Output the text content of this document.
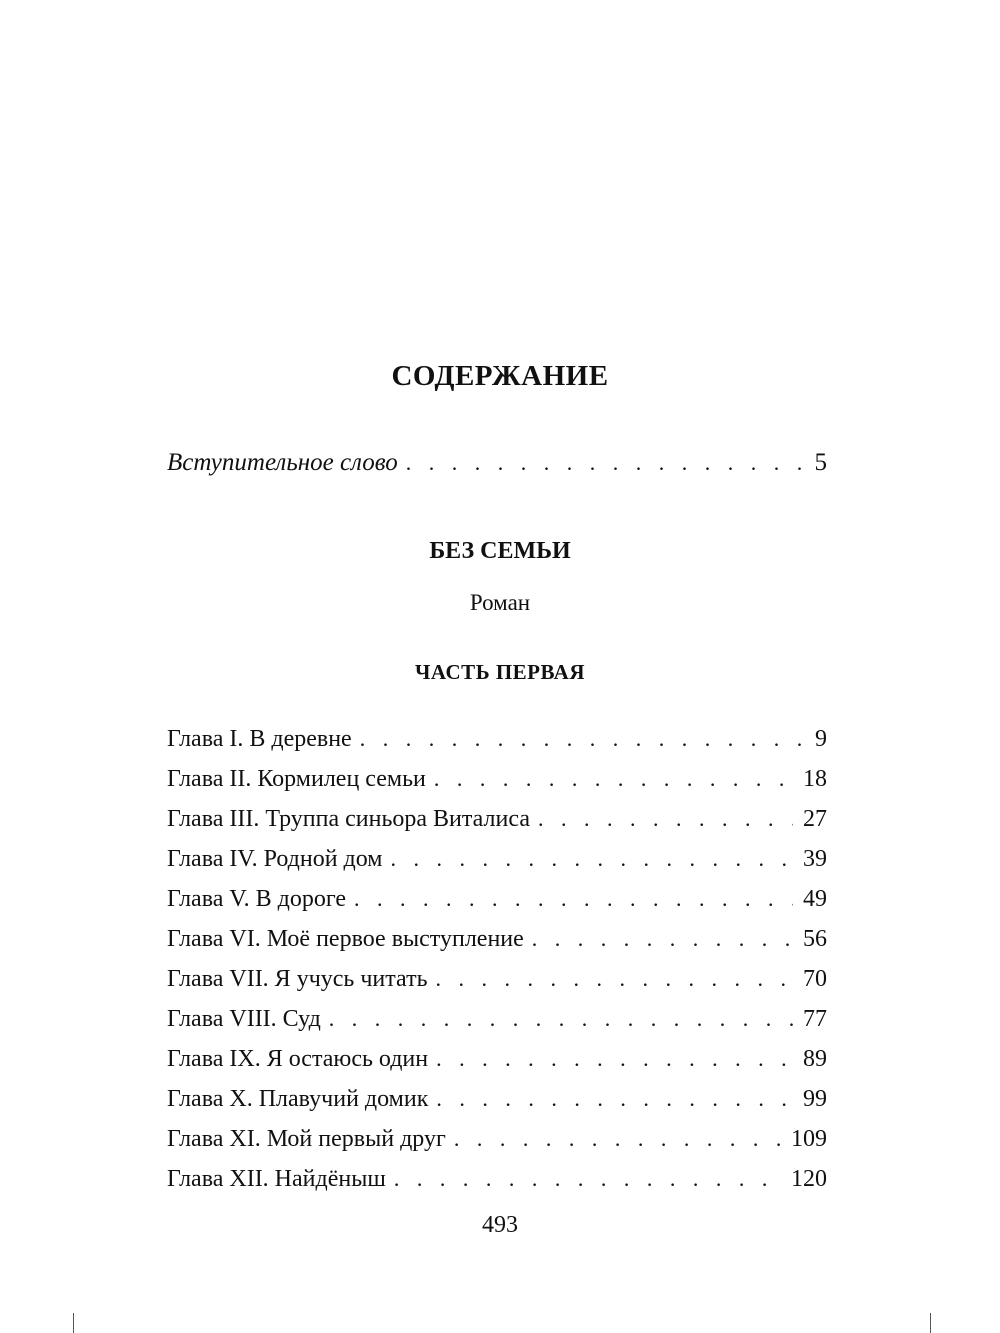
СОДЕРЖАНИЕ
Вступительное слово . . .	5
БЕЗ СЕМЬИ
Роман
ЧАСТЬ ПЕРВАЯ
Глава I. В деревне . . .	9
Глава II. Кормилец семьи . . .	18
Глава III. Труппа синьора Виталиса . . .	27
Глава IV. Родной дом . . .	39
Глава V. В дороге . . .	49
Глава VI. Моё первое выступление . . .	56
Глава VII. Я учусь читать . . .	70
Глава VIII. Суд . . .	77
Глава IX. Я остаюсь один . . .	89
Глава X. Плавучий домик . . .	99
Глава XI. Мой первый друг . . .	109
Глава XII. Найдёныш . . .	120
493
